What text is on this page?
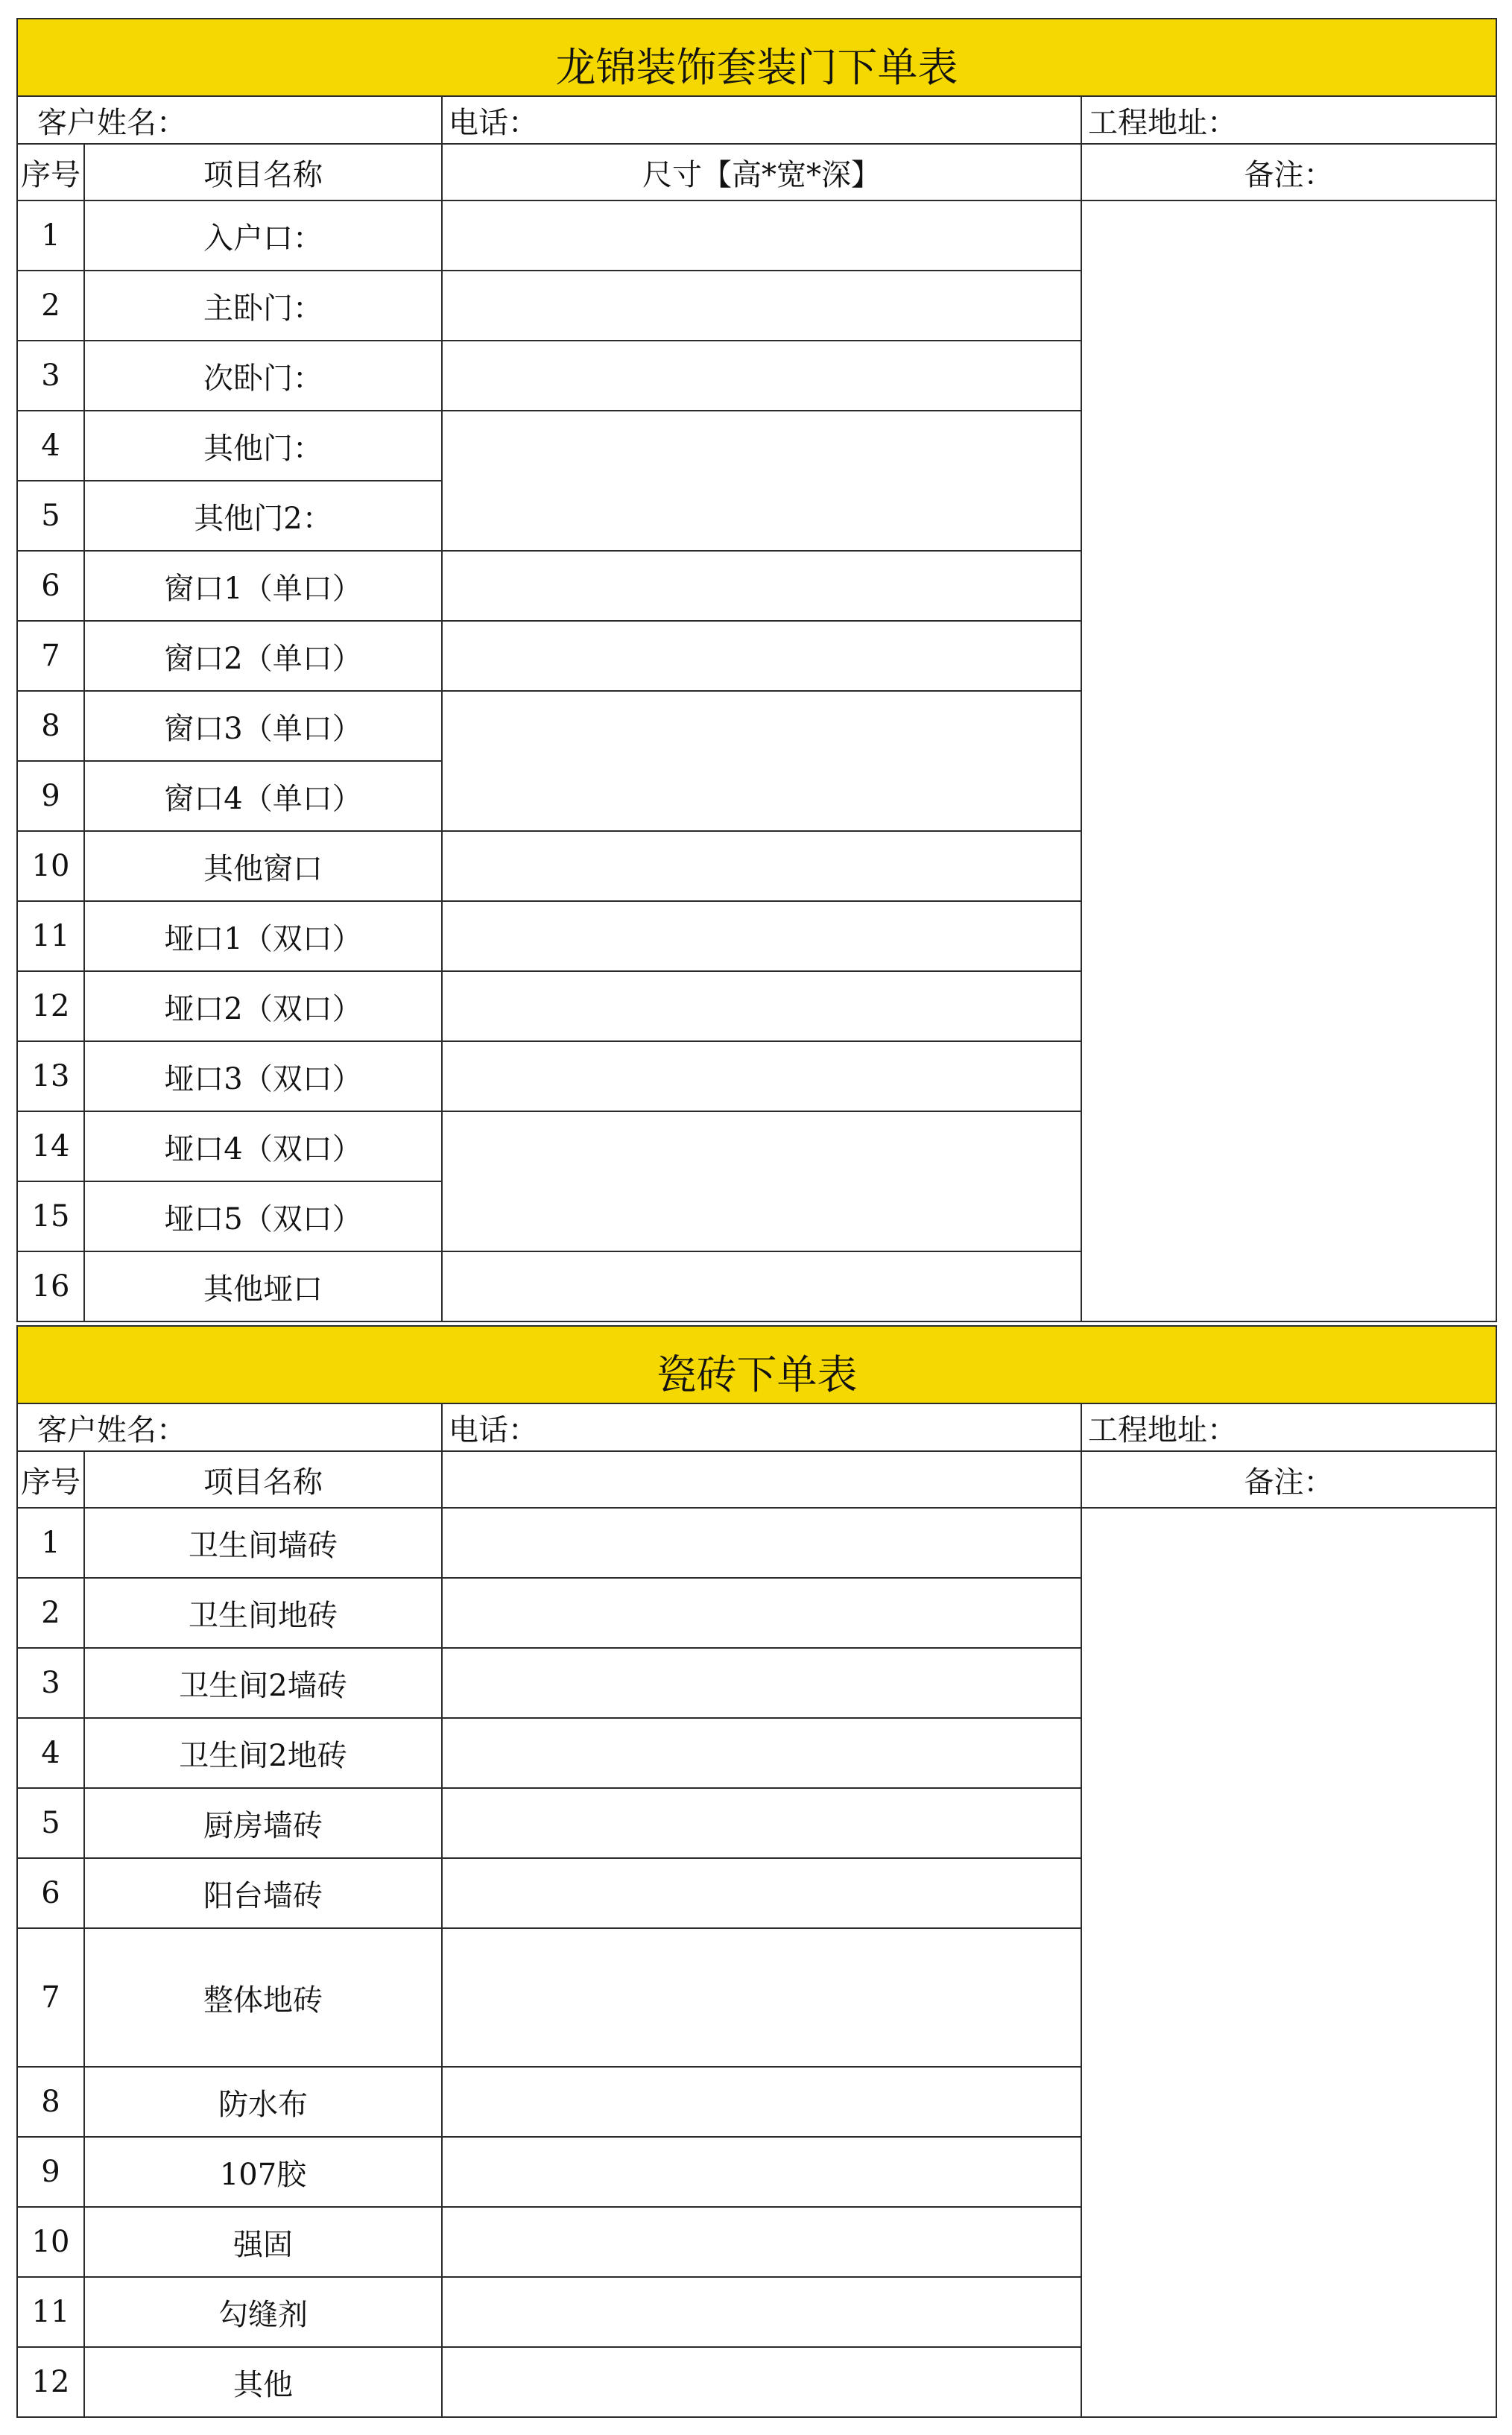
龙锦装饰套装门下单表			
客户姓名：		电话：	工程地址：
序号	项目名称	尺寸【高*宽*深】	备注：
1	入户口：		
2	主卧门：		
3	次卧门：		
4	其他门：		
5	其他门2：		
6	窗口1（单口）		
7	窗口2（单口）		
8	窗口3（单口）		
9	窗口4（单口）		
10	其他窗口		
11	垭口1（双口）		
12	垭口2（双口）		
13	垭口3（双口）		
14	垭口4（双口）		
15	垭口5（双口）		
16	其他垭口		
瓷砖下单表			
客户姓名：		电话：	工程地址：
序号	项目名称		备注：
1	卫生间墙砖		
2	卫生间地砖		
3	卫生间2墙砖		
4	卫生间2地砖		
5	厨房墙砖		
6	阳台墙砖		
7	整体地砖		
8	防水布		
9	107胶		
10	强固		
11	勾缝剂		
12	其他		
